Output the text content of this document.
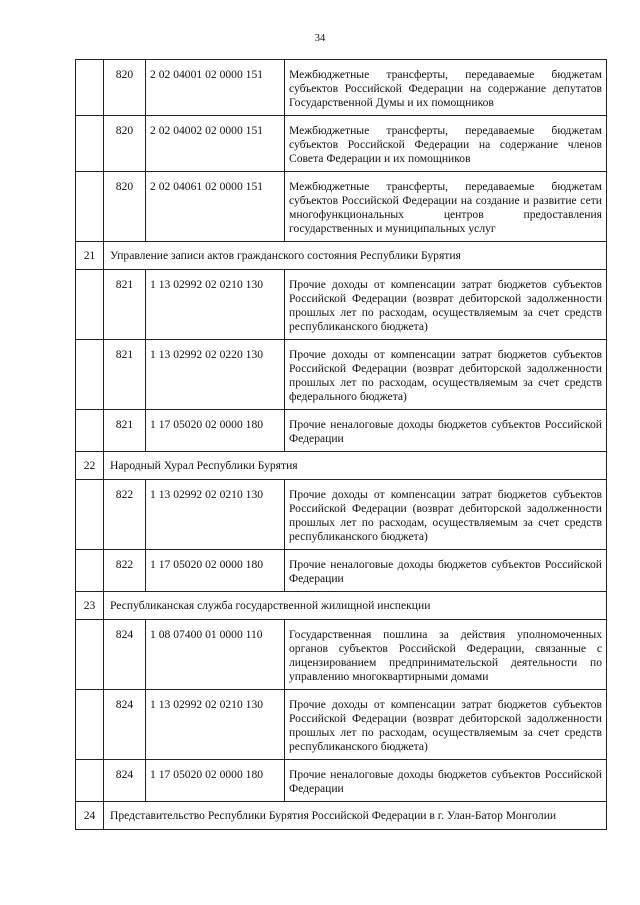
34
	820	2 02 04001 02 0000 151	Межбюджетные трансферты, передаваемые бюджетам субъектов Российской Федерации на содержание депутатов Государственной Думы и их помощников
	820	2 02 04002 02 0000 151	Межбюджетные трансферты, передаваемые бюджетам субъектов Российской Федерации на содержание членов Совета Федерации и их помощников
	820	2 02 04061 02 0000 151	Межбюджетные трансферты, передаваемые бюджетам субъектов Российской Федерации на создание и развитие сети многофункциональных центров предоставления государственных и муниципальных услуг
21	Управление записи актов гражданского состояния Республики Бурятия		
	821	1 13 02992 02 0210 130	Прочие доходы от компенсации затрат бюджетов субъектов Российской Федерации (возврат дебиторской задолженности прошлых лет по расходам, осуществляемым за счет средств республиканского бюджета)
	821	1 13 02992 02 0220 130	Прочие доходы от компенсации затрат бюджетов субъектов Российской Федерации (возврат дебиторской задолженности прошлых лет по расходам, осуществляемым за счет средств федерального бюджета)
	821	1 17 05020 02 0000 180	Прочие неналоговые доходы бюджетов субъектов Российской Федерации
22	Народный Хурал Республики Бурятия		
	822	1 13 02992 02 0210 130	Прочие доходы от компенсации затрат бюджетов субъектов Российской Федерации (возврат дебиторской задолженности прошлых лет по расходам, осуществляемым за счет средств республиканского бюджета)
	822	1 17 05020 02 0000 180	Прочие неналоговые доходы бюджетов субъектов Российской Федерации
23	Республиканская служба государственной жилищной инспекции		
	824	1 08 07400 01 0000 110	Государственная пошлина за действия уполномоченных органов субъектов Российской Федерации, связанные с лицензированием предпринимательской деятельности по управлению многоквартирными домами
	824	1 13 02992 02 0210 130	Прочие доходы от компенсации затрат бюджетов субъектов Российской Федерации (возврат дебиторской задолженности прошлых лет по расходам, осуществляемым за счет средств республиканского бюджета)
	824	1 17 05020 02 0000 180	Прочие неналоговые доходы бюджетов субъектов Российской Федерации
24	Представительство Республики Бурятия Российской Федерации в г. Улан-Батор Монголии		
